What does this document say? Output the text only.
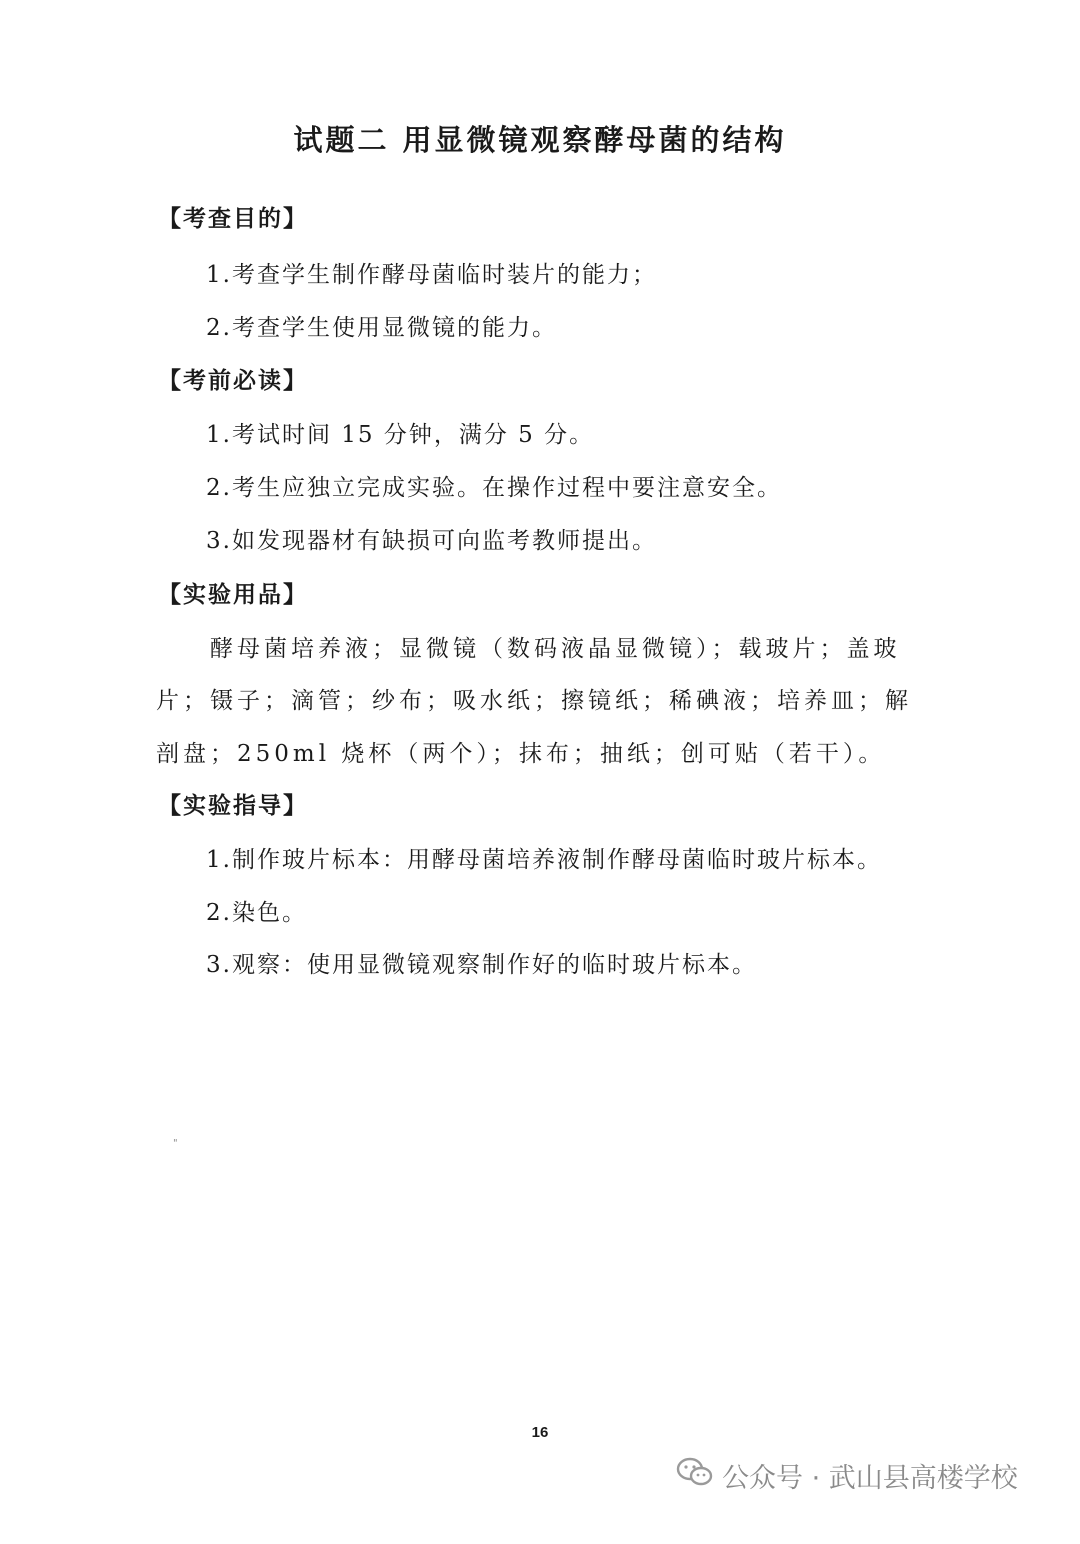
试题二 用显微镜观察酵母菌的结构
【考查目的】
1.考查学生制作酵母菌临时装片的能力；
2.考查学生使用显微镜的能力。
【考前必读】
1.考试时间 15 分钟，满分 5 分。
2.考生应独立完成实验。在操作过程中要注意安全。
3.如发现器材有缺损可向监考教师提出。
【实验用品】
酵母菌培养液；显微镜（数码液晶显微镜）；载玻片；盖玻
片；镊子；滴管；纱布；吸水纸；擦镜纸；稀碘液；培养皿；解
剖盘；250ml 烧杯（两个）；抹布；抽纸；创可贴（若干）。
【实验指导】
1.制作玻片标本：用酵母菌培养液制作酵母菌临时玻片标本。
2.染色。
3.观察：使用显微镜观察制作好的临时玻片标本。
"
16
公众号 · 武山县高楼学校
